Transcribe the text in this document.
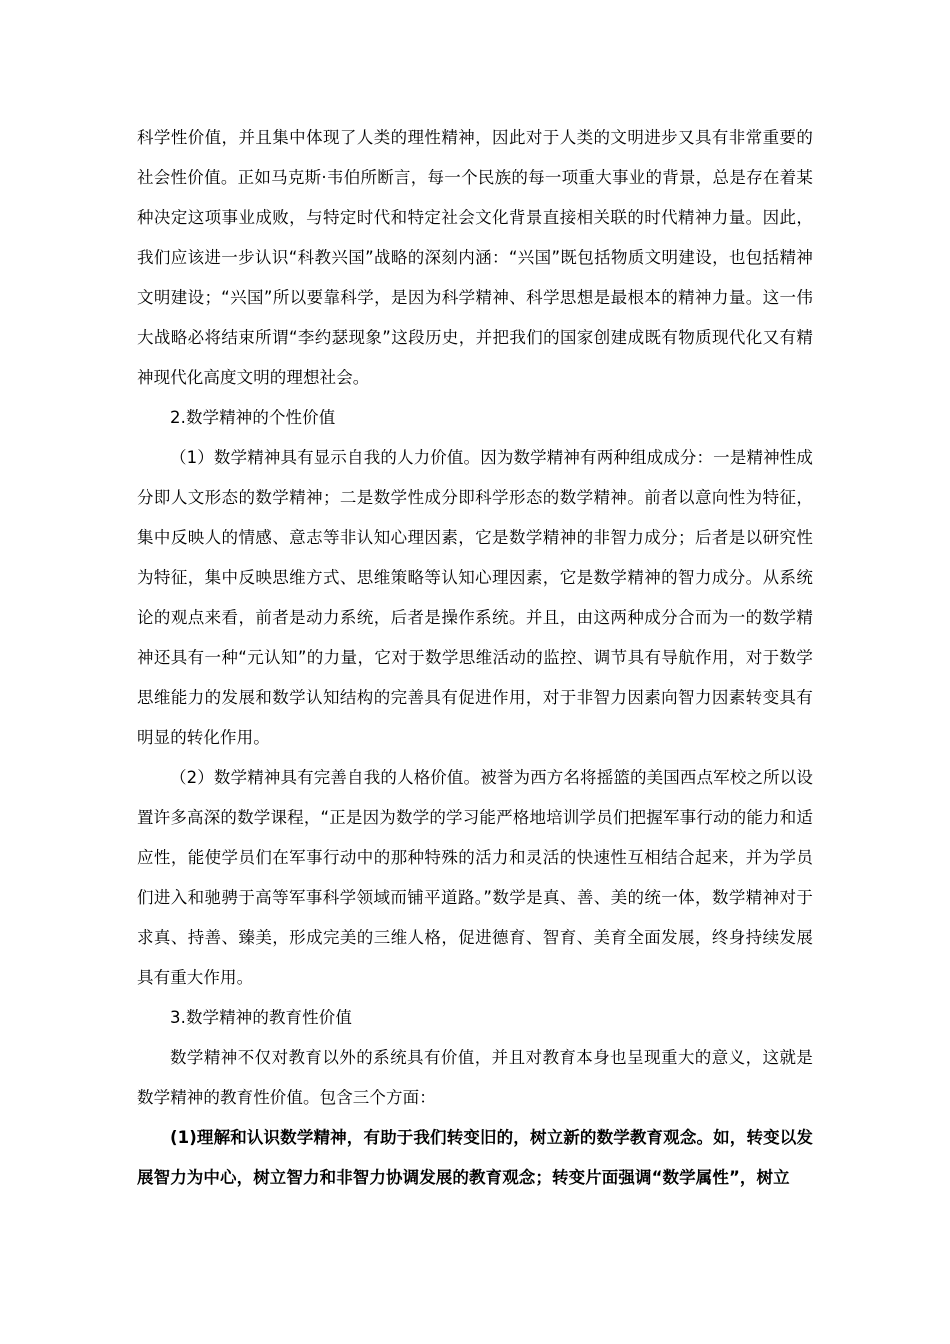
科学性价值，并且集中体现了人类的理性精神，因此对于人类的文明进步又具有非常重要的社会性价值。正如马克斯·韦伯所断言，每一个民族的每一项重大事业的背景，总是存在着某种决定这项事业成败，与特定时代和特定社会文化背景直接相关联的时代精神力量。因此，我们应该进一步认识“科教兴国”战略的深刻内涵：“兴国”既包括物质文明建设，也包括精神文明建设；“兴国”所以要靠科学，是因为科学精神、科学思想是最根本的精神力量。这一伟大战略必将结束所谓“李约瑟现象”这段历史，并把我们的国家创建成既有物质现代化又有精神现代化高度文明的理想社会。

2.数学精神的个性价值

（1）数学精神具有显示自我的人力价值。因为数学精神有两种组成成分：一是精神性成分即人文形态的数学精神；二是数学性成分即科学形态的数学精神。前者以意向性为特征，集中反映人的情感、意志等非认知心理因素，它是数学精神的非智力成分；后者是以研究性为特征，集中反映思维方式、思维策略等认知心理因素，它是数学精神的智力成分。从系统论的观点来看，前者是动力系统，后者是操作系统。并且，由这两种成分合而为一的数学精神还具有一种“元认知”的力量，它对于数学思维活动的监控、调节具有导航作用，对于数学思维能力的发展和数学认知结构的完善具有促进作用，对于非智力因素向智力因素转变具有明显的转化作用。

（2）数学精神具有完善自我的人格价值。被誉为西方名将摇篮的美国西点军校之所以设置许多高深的数学课程，“正是因为数学的学习能严格地培训学员们把握军事行动的能力和适应性，能使学员们在军事行动中的那种特殊的活力和灵活的快速性互相结合起来，并为学员们进入和驰骋于高等军事科学领域而铺平道路。”数学是真、善、美的统一体，数学精神对于求真、持善、臻美，形成完美的三维人格，促进德育、智育、美育全面发展，终身持续发展具有重大作用。

3.数学精神的教育性价值

数学精神不仅对教育以外的系统具有价值，并且对教育本身也呈现重大的意义，这就是数学精神的教育性价值。包含三个方面：

(1)理解和认识数学精神，有助于我们转变旧的，树立新的数学教育观念。如，转变以发展智力为中心，树立智力和非智力协调发展的教育观念；转变片面强调“数学属性”，树立
